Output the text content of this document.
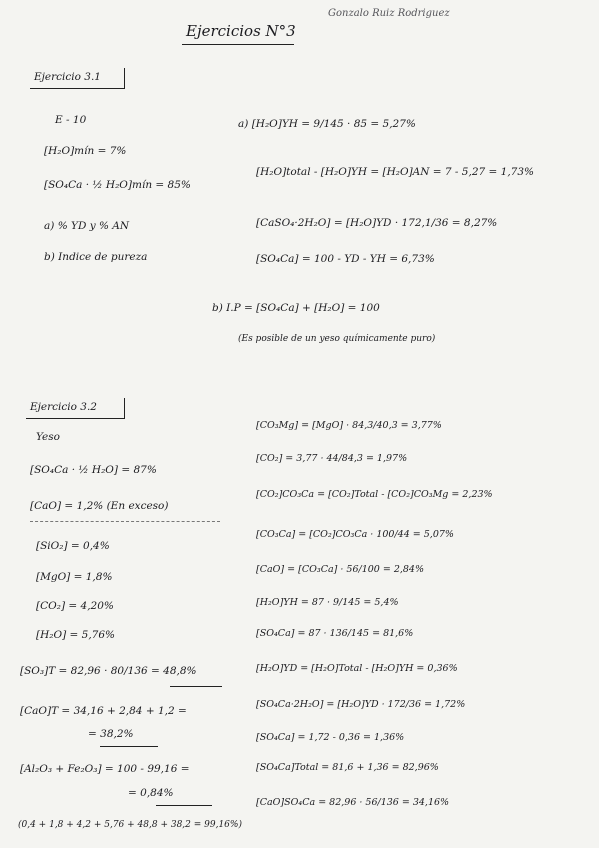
Ejercicios N°3
Gonzalo Ruiz Rodriguez
Ejercicio 3.1
E - 10
[H₂O]mín = 7%
[SO₄Ca · ½ H₂O]mín = 85%
a) % YD y % AN
b) Indice de pureza
a) [H₂O]YH = 9/145 · 85 = 5,27%
[H₂O]total - [H₂O]YH = [H₂O]AN = 7 - 5,27 = 1,73%
[CaSO₄·2H₂O] = [H₂O]YD · 172,1/36 = 8,27%
[SO₄Ca] = 100 - YD - YH = 6,73%
b) I.P = [SO₄Ca] + [H₂O] = 100
(Es posible de un yeso químicamente puro)
Ejercicio 3.2
Yeso
[SO₄Ca · ½ H₂O] = 87%
[CaO] = 1,2% (En exceso)
[SiO₂] = 0,4%
[MgO] = 1,8%
[CO₂] = 4,20%
[H₂O] = 5,76%
[SO₃]T = 82,96 · 80/136 = 48,8%
[CaO]T = 34,16 + 2,84 + 1,2 =
= 38,2%
[Al₂O₃ + Fe₂O₃] = 100 - 99,16 =
= 0,84%
(0,4 + 1,8 + 4,2 + 5,76 + 48,8 + 38,2 = 99,16%)
[CO₃Mg] = [MgO] · 84,3/40,3 = 3,77%
[CO₂] = 3,77 · 44/84,3 = 1,97%
[CO₂]CO₃Ca = [CO₂]Total - [CO₂]CO₃Mg = 2,23%
[CO₃Ca] = [CO₂]CO₃Ca · 100/44 = 5,07%
[CaO] = [CO₃Ca] · 56/100 = 2,84%
[H₂O]YH = 87 · 9/145 = 5,4%
[SO₄Ca] = 87 · 136/145 = 81,6%
[H₂O]YD = [H₂O]Total - [H₂O]YH = 0,36%
[SO₄Ca·2H₂O] = [H₂O]YD · 172/36 = 1,72%
[SO₄Ca] = 1,72 - 0,36 = 1,36%
[SO₄Ca]Total = 81,6 + 1,36 = 82,96%
[CaO]SO₄Ca = 82,96 · 56/136 = 34,16%
